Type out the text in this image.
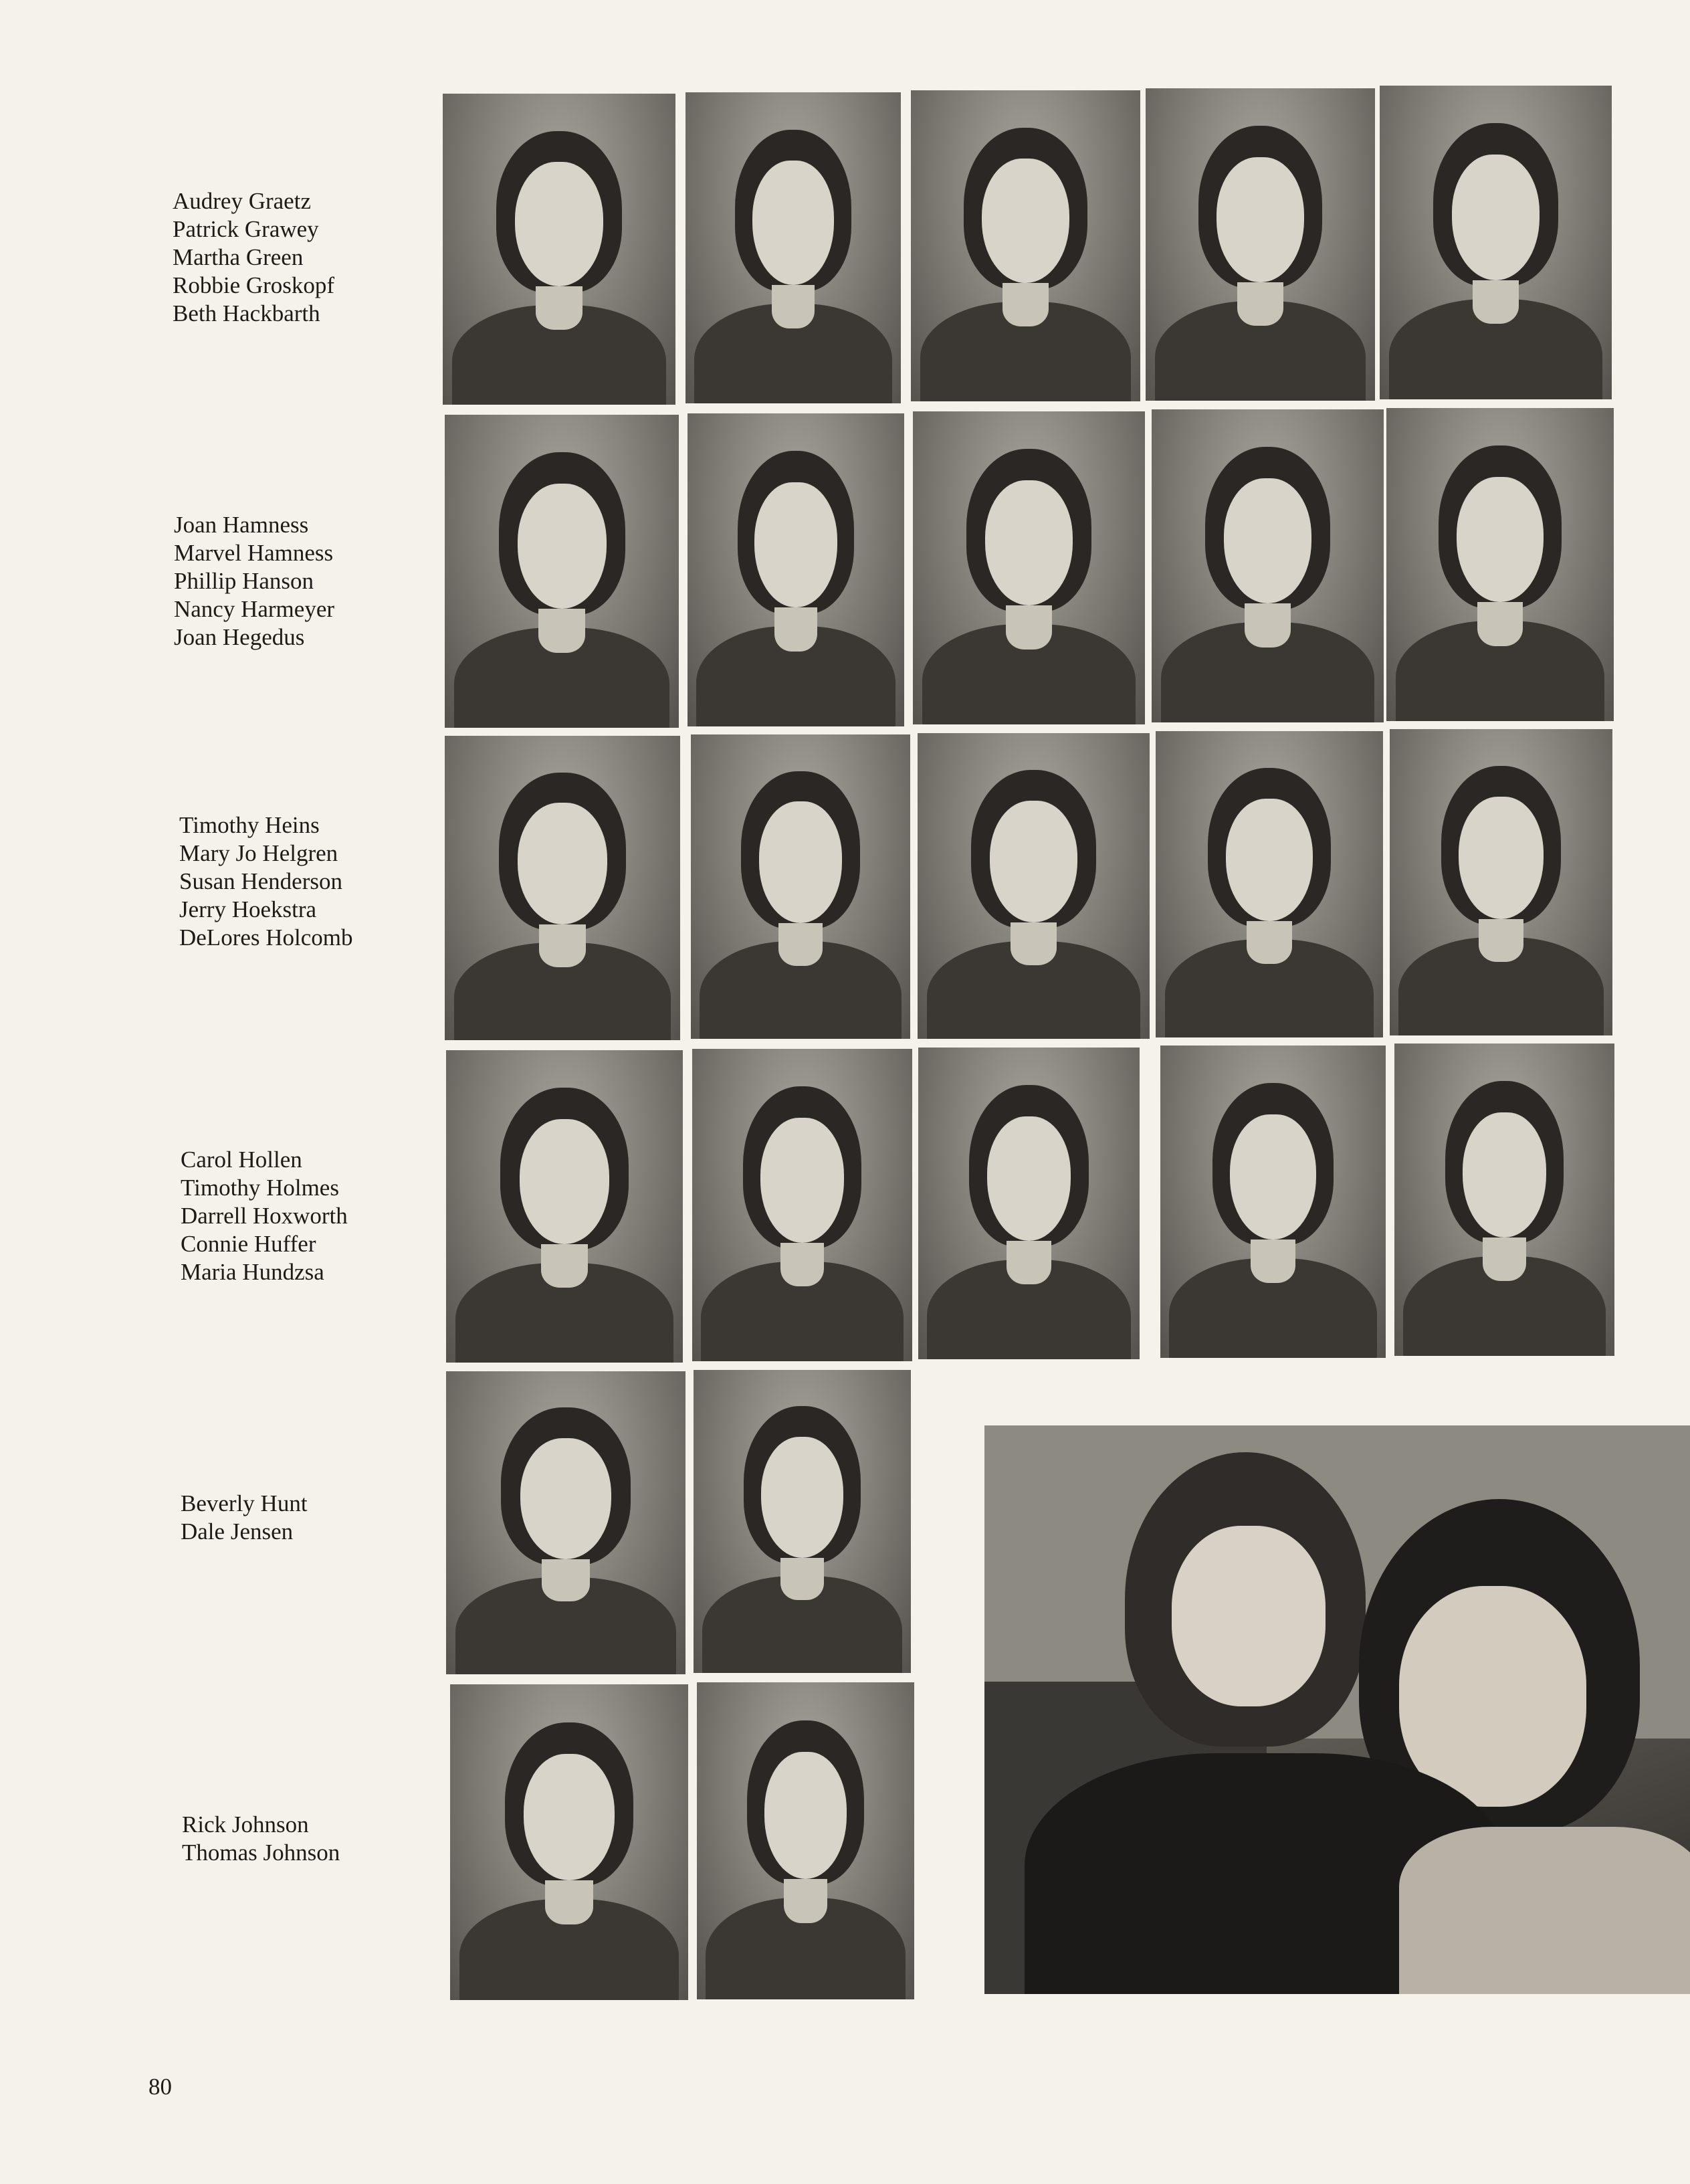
Audrey Graetz
Patrick Grawey
Martha Green
Robbie Groskopf
Beth Hackbarth
Joan Hamness
Marvel Hamness
Phillip Hanson
Nancy Harmeyer
Joan Hegedus
Timothy Heins
Mary Jo Helgren
Susan Henderson
Jerry Hoekstra
DeLores Holcomb
Carol Hollen
Timothy Holmes
Darrell Hoxworth
Connie Huffer
Maria Hundzsa
Beverly Hunt
Dale Jensen
Rick Johnson
Thomas Johnson
80
